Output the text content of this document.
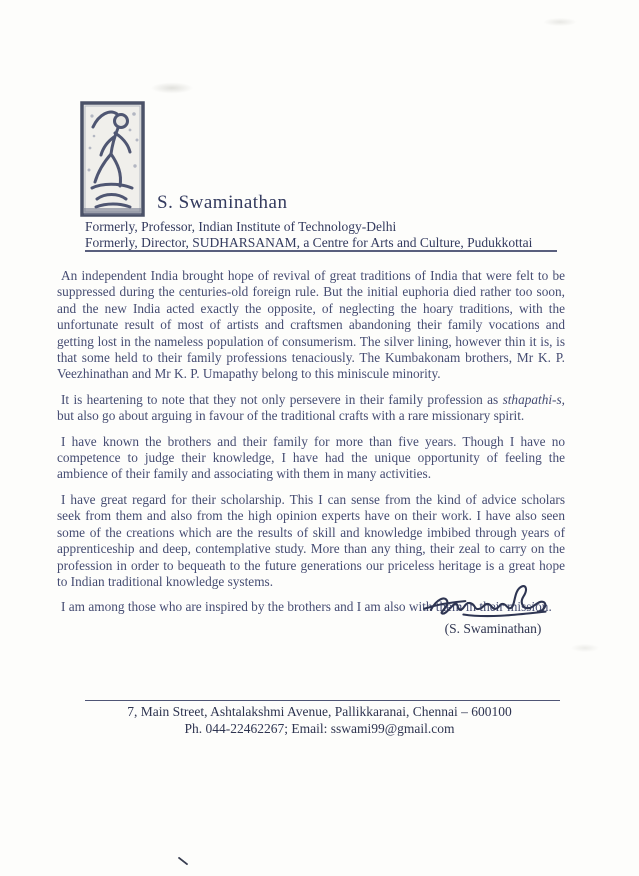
S. Swaminathan
Formerly, Professor, Indian Institute of Technology-Delhi
Formerly, Director, SUDHARSANAM, a Centre for Arts and Culture, Pudukkottai

An independent India brought hope of revival of great traditions of India that were felt to be suppressed during the centuries-old foreign rule. But the initial euphoria died rather too soon, and the new India acted exactly the opposite, of neglecting the hoary traditions, with the unfortunate result of most of artists and craftsmen abandoning their family vocations and getting lost in the nameless population of consumerism. The silver lining, however thin it is, is that some held to their family professions tenaciously. The Kumbakonam brothers, Mr K. P. Veezhinathan and Mr K. P. Umapathy belong to this miniscule minority.

It is heartening to note that they not only persevere in their family profession as sthapathi-s, but also go about arguing in favour of the traditional crafts with a rare missionary spirit.

I have known the brothers and their family for more than five years. Though I have no competence to judge their knowledge, I have had the unique opportunity of feeling the ambience of their family and associating with them in many activities.

I have great regard for their scholarship. This I can sense from the kind of advice scholars seek from them and also from the high opinion experts have on their work. I have also seen some of the creations which are the results of skill and knowledge imbibed through years of apprenticeship and deep, contemplative study. More than any thing, their zeal to carry on the profession in order to bequeath to the future generations our priceless heritage is a great hope to Indian traditional knowledge systems.

I am among those who are inspired by the brothers and I am also with them in their mission.

(S. Swaminathan)
7, Main Street, Ashtalakshmi Avenue, Pallikkaranai, Chennai – 600100
Ph. 044-22462267; Email: sswami99@gmail.com
